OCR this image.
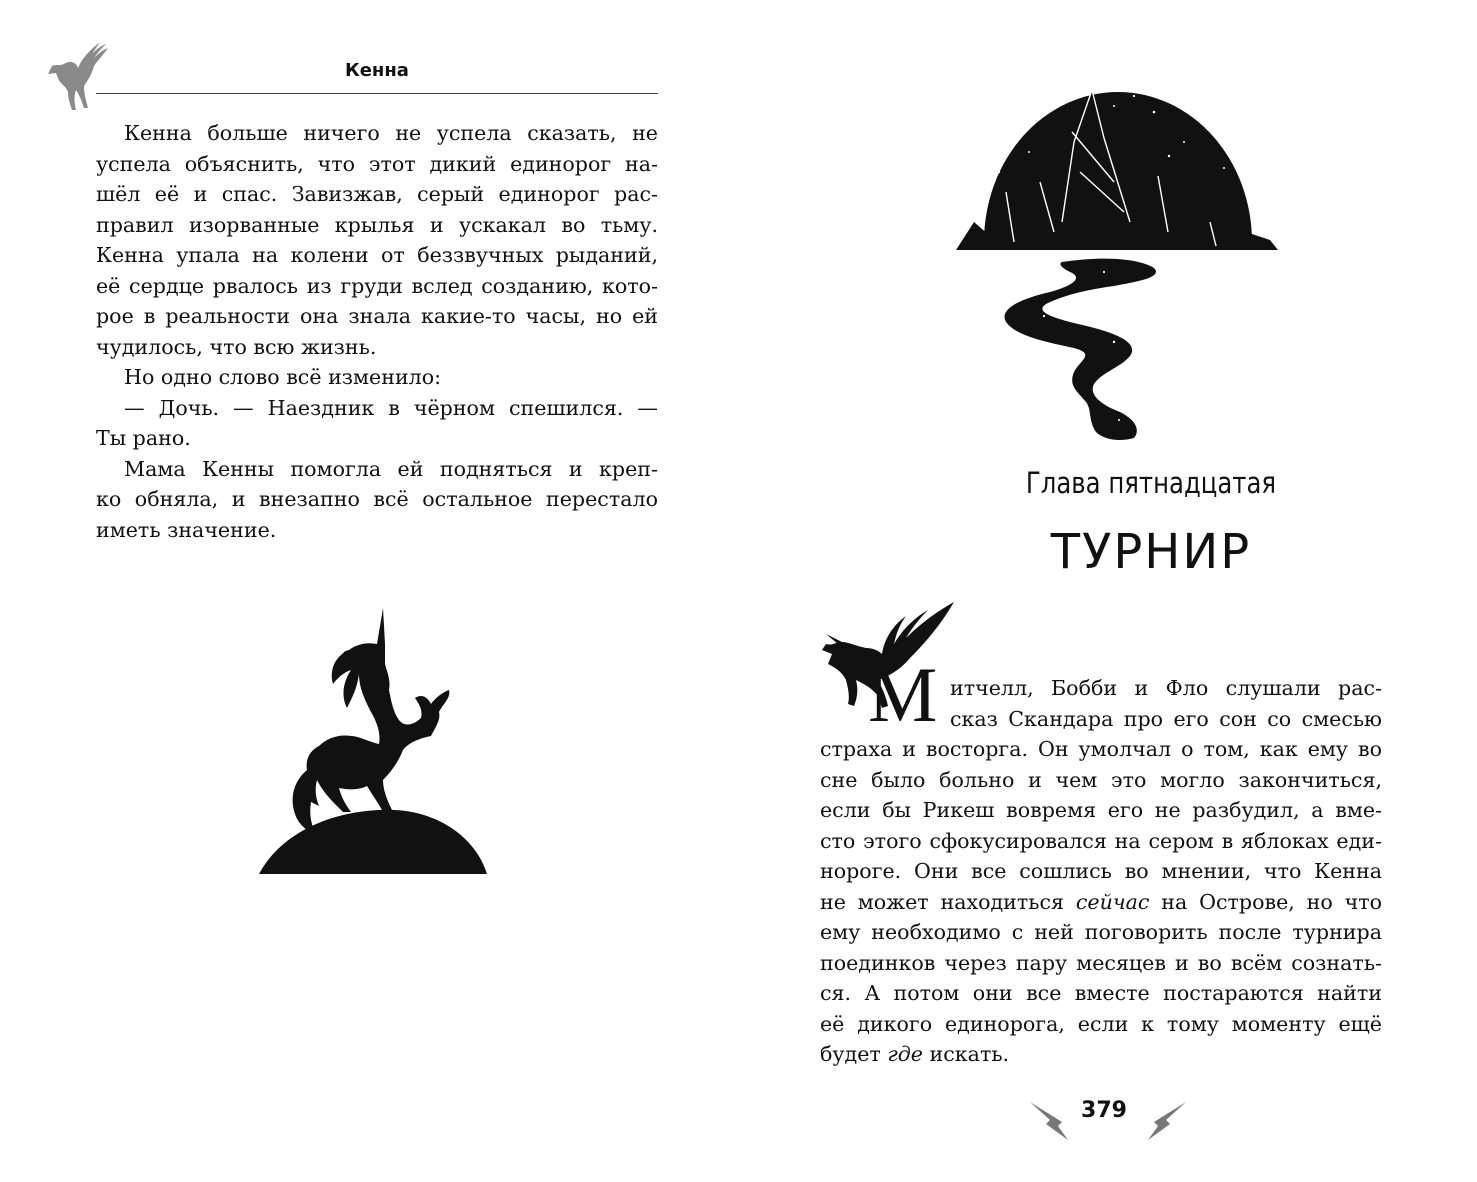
Кенна
Кенна больше ничего не успела сказать, не
успела объяснить, что этот дикий единорог на-
шёл её и спас. Завизжав, серый единорог рас-
правил изорванные крылья и ускакал во тьму.
Кенна упала на колени от беззвучных рыданий,
её сердце рвалось из груди вслед созданию, кото-
рое в реальности она знала какие-то часы, но ей
чудилось, что всю жизнь.
Но одно слово всё изменило:
— Дочь. — Наездник в чёрном спешился. —
Ты рано.
Мама Кенны помогла ей подняться и креп-
ко обняла, и внезапно всё остальное перестало
иметь значение.
Глава пятнадцатая
ТУРНИР
М итчелл, Бобби и Фло слушали рас-
сказ Скандара про его сон со смесью
страха и восторга. Он умолчал о том, как ему во
сне было больно и чем это могло закончиться,
если бы Рикеш вовремя его не разбудил, а вме-
сто этого сфокусировался на сером в яблоках еди-
нороге. Они все сошлись во мнении, что Кенна
не может находиться сейчас на Острове, но что
ему необходимо с ней поговорить после турнира
поединков через пару месяцев и во всём сознать-
ся. А потом они все вместе постараются найти
её дикого единорога, если к тому моменту ещё
будет где искать.
379
